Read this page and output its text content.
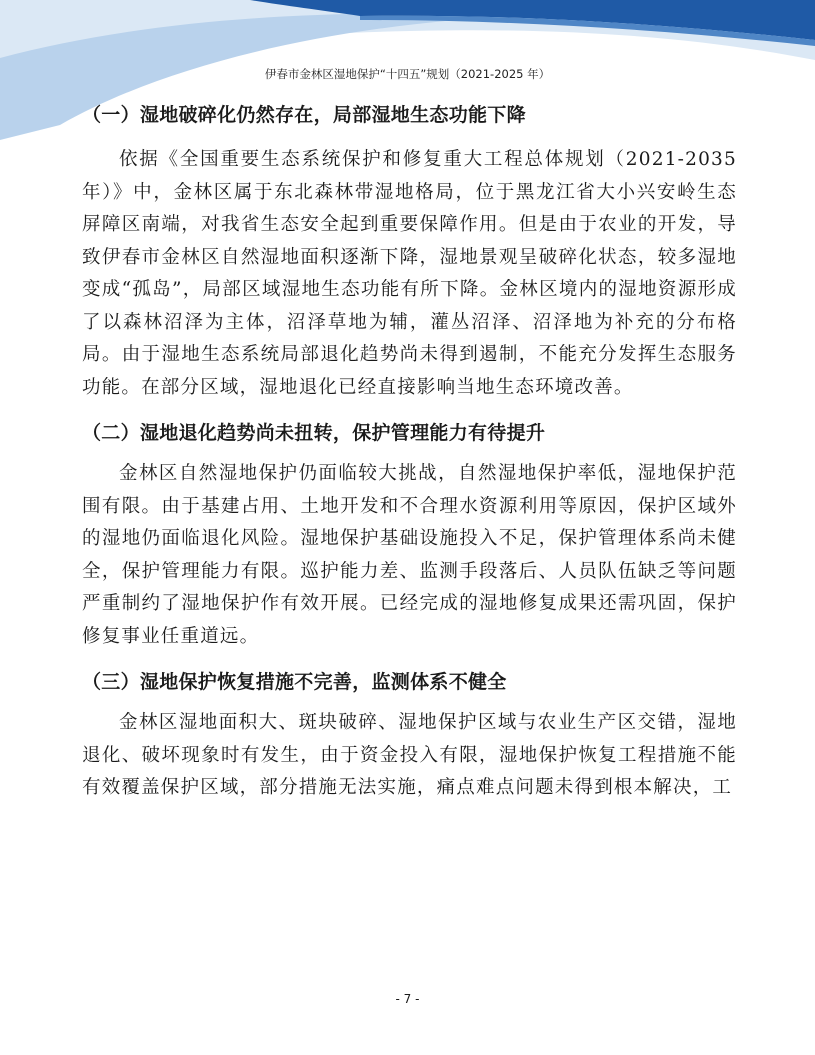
伊春市金林区湿地保护“十四五”规划（2021-2025 年）
（一）湿地破碎化仍然存在，局部湿地生态功能下降

依据《全国重要生态系统保护和修复重大工程总体规划（2021-2035年）》中，金林区属于东北森林带湿地格局，位于黑龙江省大小兴安岭生态屏障区南端，对我省生态安全起到重要保障作用。但是由于农业的开发，导致伊春市金林区自然湿地面积逐渐下降，湿地景观呈破碎化状态，较多湿地变成“孤岛”，局部区域湿地生态功能有所下降。金林区境内的湿地资源形成了以森林沼泽为主体，沼泽草地为辅，灌丛沼泽、沼泽地为补充的分布格局。由于湿地生态系统局部退化趋势尚未得到遏制，不能充分发挥生态服务功能。在部分区域，湿地退化已经直接影响当地生态环境改善。

（二）湿地退化趋势尚未扭转，保护管理能力有待提升

金林区自然湿地保护仍面临较大挑战，自然湿地保护率低，湿地保护范围有限。由于基建占用、土地开发和不合理水资源利用等原因，保护区域外的湿地仍面临退化风险。湿地保护基础设施投入不足，保护管理体系尚未健全，保护管理能力有限。巡护能力差、监测手段落后、人员队伍缺乏等问题严重制约了湿地保护作有效开展。已经完成的湿地修复成果还需巩固，保护修复事业任重道远。

（三）湿地保护恢复措施不完善，监测体系不健全

金林区湿地面积大、斑块破碎、湿地保护区域与农业生产区交错，湿地退化、破坏现象时有发生，由于资金投入有限，湿地保护恢复工程措施不能有效覆盖保护区域，部分措施无法实施，痛点难点问题未得到根本解决，工

- 7 -
